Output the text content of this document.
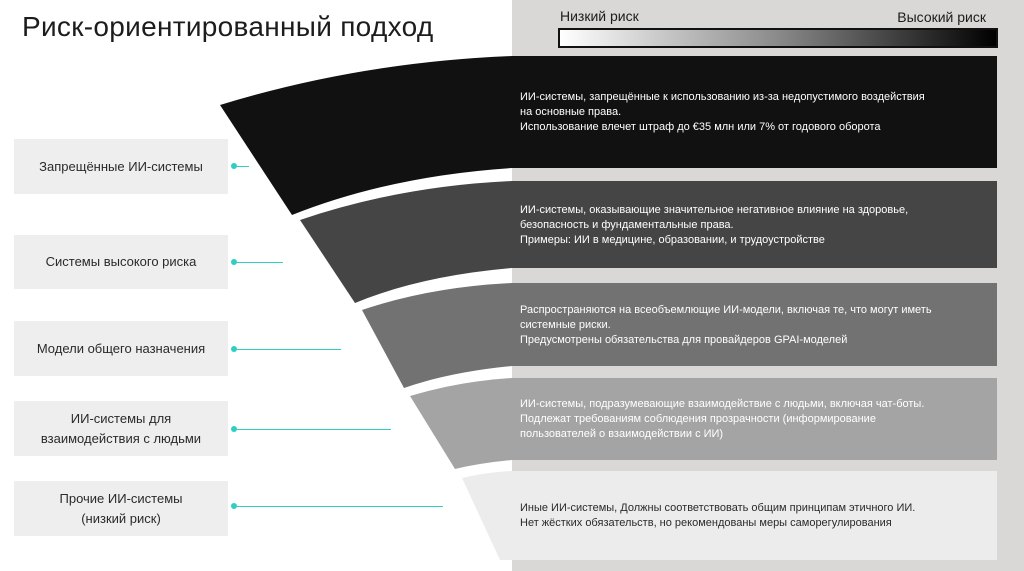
Риск-ориентированный подход	Низкий риск	Высокий риск
ИИ-системы, запрещённые к использованию из-за недопустимого воздействия
на основные права.
Использование влечет штраф до €35 млн или 7% от годового оборота
ИИ-системы, оказывающие значительное негативное влияние на здоровье,
безопасность и фундаментальные права.
Примеры: ИИ в медицине, образовании, и трудоустройстве
Распространяются на всеобъемлющие ИИ-модели, включая те, что могут иметь
системные риски.
Предусмотрены обязательства для провайдеров GPAI-моделей
ИИ-системы, подразумевающие взаимодействие с людьми, включая чат-боты.
Подлежат требованиям соблюдения прозрачности (информирование
пользователей о взаимодействии с ИИ)
Иные ИИ-системы, Должны соответствовать общим принципам этичного ИИ.
Нет жёстких обязательств, но рекомендованы меры саморегулирования
Запрещённые ИИ-системы
Системы высокого риска
Модели общего назначения
ИИ-системы для
взаимодействия с людьми
Прочие ИИ-системы
(низкий риск)
